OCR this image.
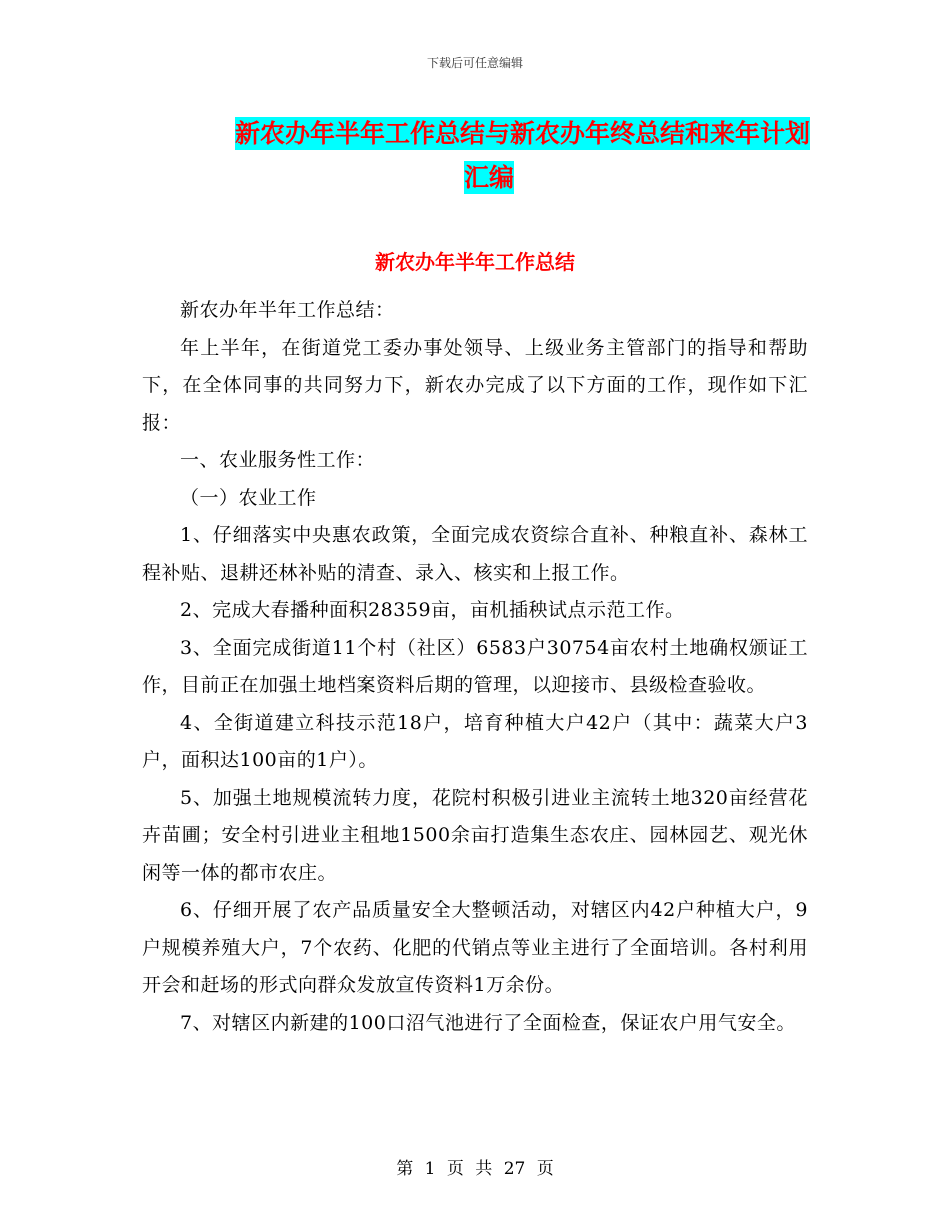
下载后可任意编辑
新农办年半年工作总结与新农办年终总结和来年计划
汇编
新农办年半年工作总结

新农办年半年工作总结：

年上半年，在街道党工委办事处领导、上级业务主管部门的指导和帮助下，在全体同事的共同努力下，新农办完成了以下方面的工作，现作如下汇报：

一、农业服务性工作：

（一）农业工作

1、仔细落实中央惠农政策，全面完成农资综合直补、种粮直补、森林工程补贴、退耕还林补贴的清查、录入、核实和上报工作。

2、完成大春播种面积28359亩，亩机插秧试点示范工作。

3、全面完成街道11个村（社区）6583户30754亩农村土地确权颁证工作，目前正在加强土地档案资料后期的管理，以迎接市、县级检查验收。

4、全街道建立科技示范18户，培育种植大户42户（其中：蔬菜大户3户，面积达100亩的1户）。

5、加强土地规模流转力度，花院村积极引进业主流转土地320亩经营花卉苗圃；安全村引进业主租地1500余亩打造集生态农庄、园林园艺、观光休闲等一体的都市农庄。

6、仔细开展了农产品质量安全大整顿活动，对辖区内42户种植大户，9户规模养殖大户，7个农药、化肥的代销点等业主进行了全面培训。各村利用开会和赶场的形式向群众发放宣传资料1万余份。

7、对辖区内新建的100口沼气池进行了全面检查，保证农户用气安全。

第 1 页 共 27 页
